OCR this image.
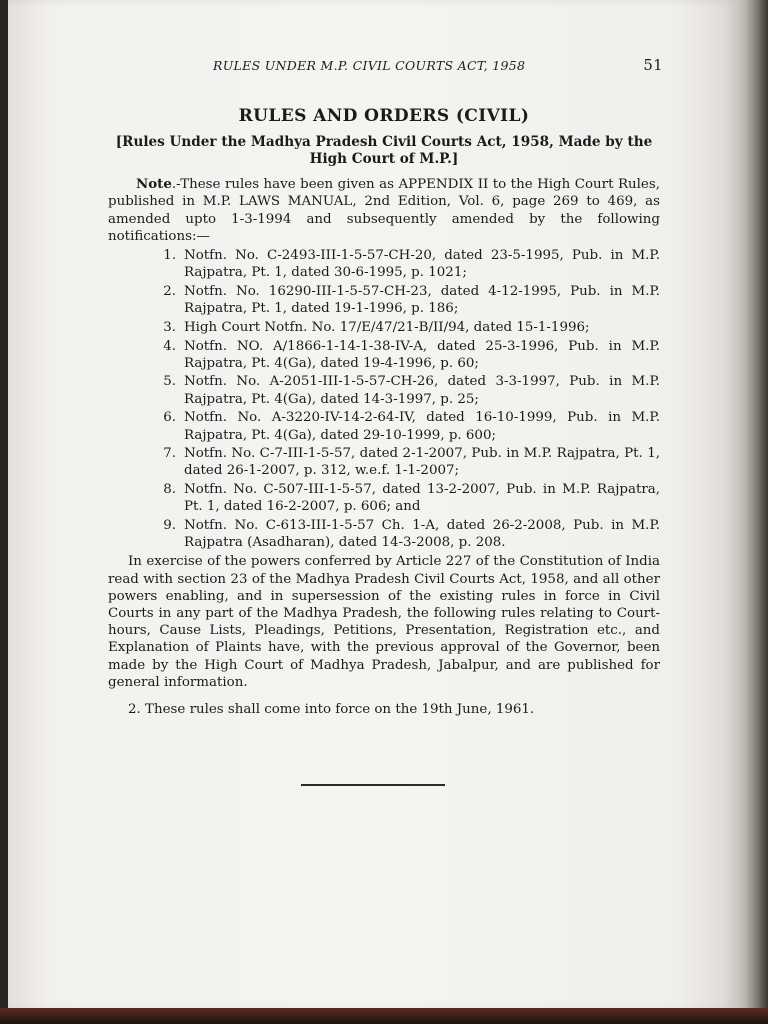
RULES UNDER M.P. CIVIL COURTS ACT, 1958	51
RULES AND ORDERS (CIVIL)
[Rules Under the Madhya Pradesh Civil Courts Act, 1958, Made by the High Court of M.P.]

Note.-These rules have been given as APPENDIX II to the High Court Rules, published in M.P. LAWS MANUAL, 2nd Edition, Vol. 6, page 269 to 469, as amended upto 1-3-1994 and subsequently amended by the following notifications:—

1. Notfn. No. C-2493-III-1-5-57-CH-20, dated 23-5-1995, Pub. in M.P. Rajpatra, Pt. 1, dated 30-6-1995, p. 1021;
2. Notfn. No. 16290-III-1-5-57-CH-23, dated 4-12-1995, Pub. in M.P. Rajpatra, Pt. 1, dated 19-1-1996, p. 186;
3. High Court Notfn. No. 17/E/47/21-B/II/94, dated 15-1-1996;
4. Notfn. NO. A/1866-1-14-1-38-IV-A, dated 25-3-1996, Pub. in M.P. Rajpatra, Pt. 4(Ga), dated 19-4-1996, p. 60;
5. Notfn. No. A-2051-III-1-5-57-CH-26, dated 3-3-1997, Pub. in M.P. Rajpatra, Pt. 4(Ga), dated 14-3-1997, p. 25;
6. Notfn. No. A-3220-IV-14-2-64-IV, dated 16-10-1999, Pub. in M.P. Rajpatra, Pt. 4(Ga), dated 29-10-1999, p. 600;
7. Notfn. No. C-7-III-1-5-57, dated 2-1-2007, Pub. in M.P. Rajpatra, Pt. 1, dated 26-1-2007, p. 312, w.e.f. 1-1-2007;
8. Notfn. No. C-507-III-1-5-57, dated 13-2-2007, Pub. in M.P. Rajpatra, Pt. 1, dated 16-2-2007, p. 606; and
9. Notfn. No. C-613-III-1-5-57 Ch. 1-A, dated 26-2-2008, Pub. in M.P. Rajpatra (Asadharan), dated 14-3-2008, p. 208.

In exercise of the powers conferred by Article 227 of the Constitution of India read with section 23 of the Madhya Pradesh Civil Courts Act, 1958, and all other powers enabling, and in supersession of the existing rules in force in Civil Courts in any part of the Madhya Pradesh, the following rules relating to Court-hours, Cause Lists, Pleadings, Petitions, Presentation, Registration etc., and Explanation of Plaints have, with the previous approval of the Governor, been made by the High Court of Madhya Pradesh, Jabalpur, and are published for general information.

2. These rules shall come into force on the 19th June, 1961.
